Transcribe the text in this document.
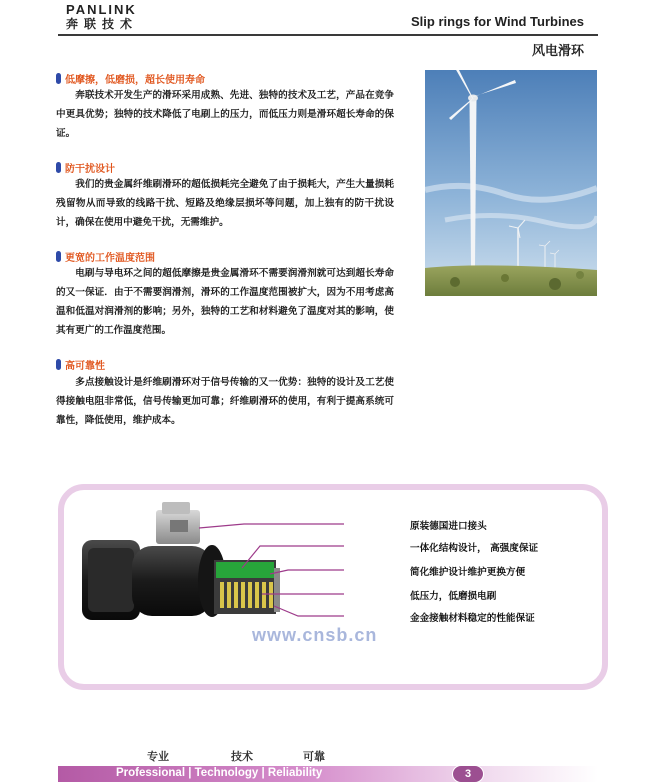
PANLINK
奔联技术	Slip rings for Wind Turbines
风电滑环
低摩擦，低磨损，超长使用寿命
奔联技术开发生产的滑环采用成熟、先进、独特的技术及工艺，产品在竞争中更具优势；独特的技术降低了电刷上的压力，而低压力则是滑环超长寿命的保证。
防干扰设计
我们的贵金属纤维刷滑环的超低损耗完全避免了由于损耗大，产生大量损耗残留物从而导致的线路干扰、短路及绝缘层损坏等问题，加上独有的防干扰设计，确保在使用中避免干扰，无需维护。
更宽的工作温度范围
电刷与导电环之间的超低摩擦是贵金属滑环不需要润滑剂就可达到超长寿命的又一保证．由于不需要润滑剂，滑环的工作温度范围被扩大，因为不用考虑高温和低温对润滑剂的影响；另外，独特的工艺和材料避免了温度对其的影响，使其有更广的工作温度范围。
高可靠性
多点接触设计是纤维刷滑环对于信号传输的又一优势：独特的设计及工艺使得接触电阻非常低，信号传输更加可靠；纤维刷滑环的使用，有利于提高系统可靠性，降低使用，维护成本。
原装德国进口接头
一体化结构设计， 高强度保证
简化维护设计维护更换方便
低压力，低磨损电刷
金金接触材料稳定的性能保证
www.cnsb.cn
专业	技术	可靠
Professional | Technology | Reliability	3
